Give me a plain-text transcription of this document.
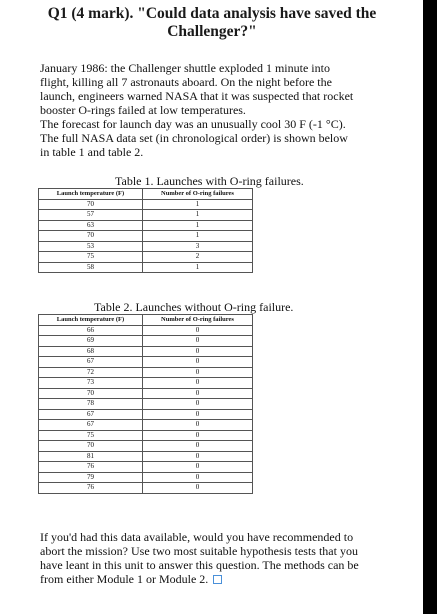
Q1 (4 mark). "Could data analysis have saved the
Challenger?"

January 1986: the Challenger shuttle exploded 1 minute into flight, killing all 7 astronauts aboard. On the night before the launch, engineers warned NASA that it was suspected that rocket booster O-rings failed at low temperatures.

The forecast for launch day was an unusually cool 30 F (-1 °C). The full NASA data set (in chronological order) is shown below in table 1 and table 2.

Table 1. Launches with O-ring failures.
Launch temperature (F)	Number of O-ring failures
70	1
57	1
63	1
70	1
53	3
75	2
58	1
Table 2. Launches without O-ring failure.
Launch temperature (F)	Number of O-ring failures
66	0
69	0
68	0
67	0
72	0
73	0
70	0
78	0
67	0
67	0
75	0
70	0
81	0
76	0
79	0
76	0
If you'd had this data available, would you have recommended to abort the mission? Use two most suitable hypothesis tests that you have leant in this unit to answer this question. The methods can be from either Module 1 or Module 2.
